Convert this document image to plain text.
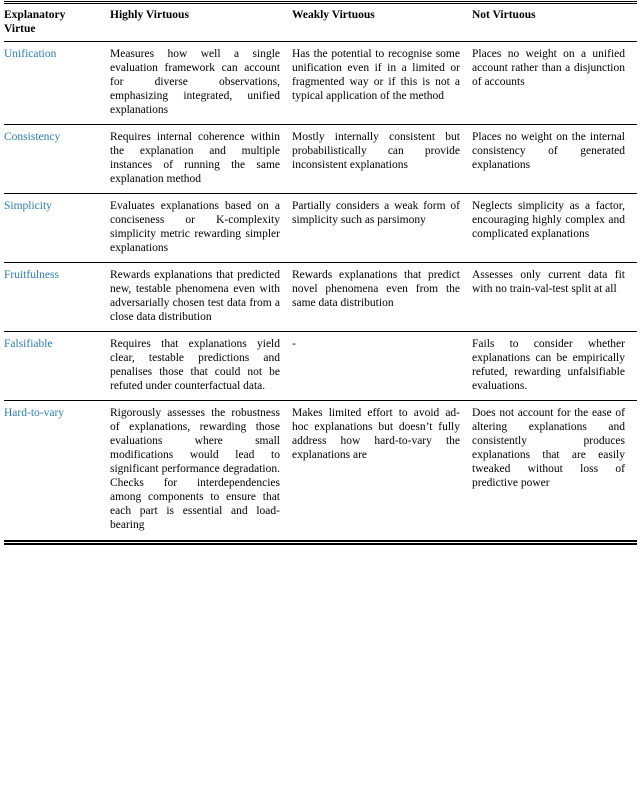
Explanatory Virtue	Highly Virtuous	Weakly Virtuous	Not Virtuous
Unification	Measures how well a single evaluation framework can account for diverse observations, emphasizing integrated, unified explanations	Has the potential to recognise some unification even if in a limited or fragmented way or if this is not a typical application of the method	Places no weight on a unified account rather than a disjunction of accounts
Consistency	Requires internal coherence within the explanation and multiple instances of running the same explanation method	Mostly internally consistent but probabilistically can provide inconsistent explanations	Places no weight on the internal consistency of generated explanations
Simplicity	Evaluates explanations based on a conciseness or K-complexity simplicity metric rewarding simpler explanations	Partially considers a weak form of simplicity such as parsimony	Neglects simplicity as a factor, encouraging highly complex and complicated explanations
Fruitfulness	Rewards explanations that predicted new, testable phenomena even with adversarially chosen test data from a close data distribution	Rewards explanations that predict novel phenomena even from the same data distribution	Assesses only current data fit with no train-val-test split at all
Falsifiable	Requires that explanations yield clear, testable predictions and penalises those that could not be refuted under counterfactual data.	-	Fails to consider whether explanations can be empirically refuted, rewarding unfalsifiable evaluations.
Hard-to-vary	Rigorously assesses the robustness of explanations, rewarding those evaluations where small modifications would lead to significant performance degradation. Checks for interdependencies among components to ensure that each part is essential and load-bearing	Makes limited effort to avoid ad-hoc explanations but doesn’t fully address how hard-to-vary the explanations are	Does not account for the ease of altering explanations and consistently produces explanations that are easily tweaked without loss of predictive power
